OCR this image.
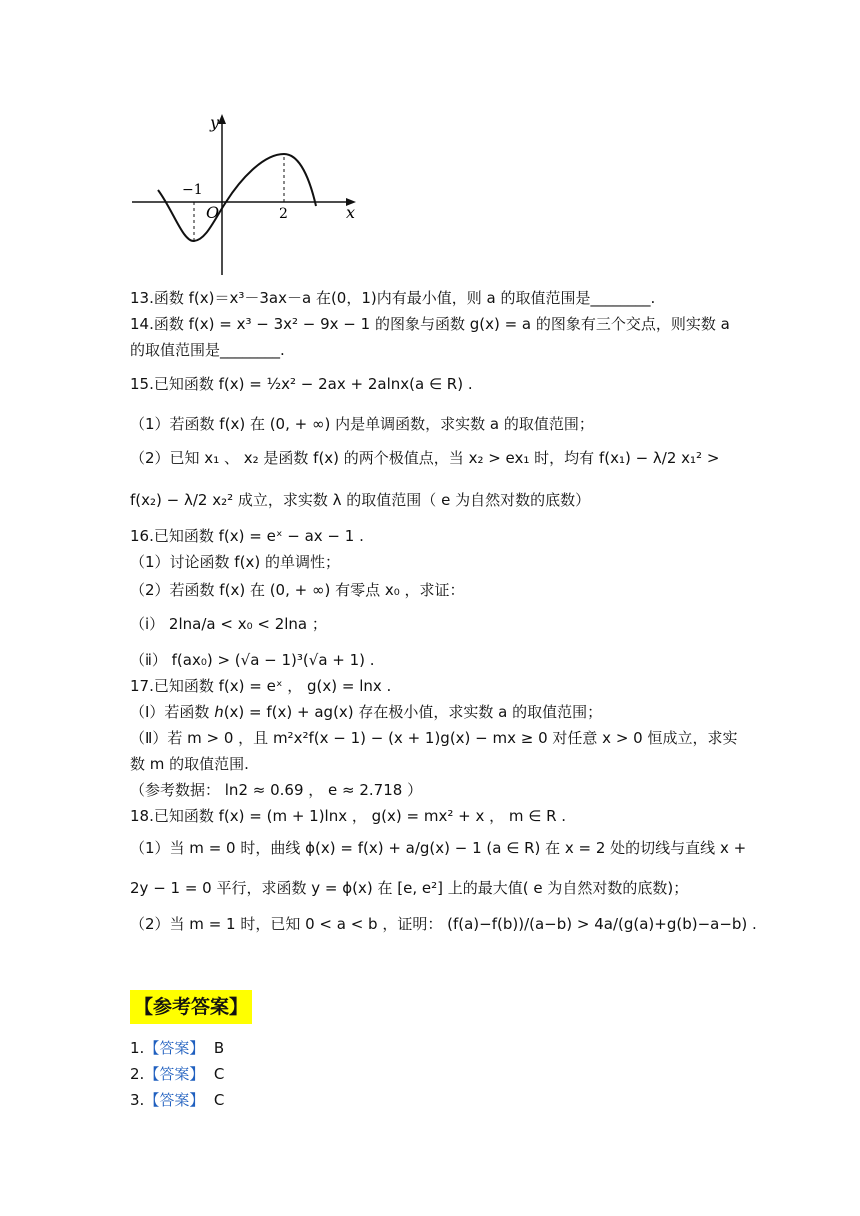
y
x
O
−1
2
13.函数 f(x)＝x³－3ax－a 在(0，1)内有最小值，则 a 的取值范围是________.
14.函数 f(x) = x³ − 3x² − 9x − 1 的图象与函数 g(x) = a 的图象有三个交点，则实数 a
的取值范围是________.
15.已知函数 f(x) = ½x² − 2ax + 2alnx(a ∈ R) .
（1）若函数 f(x) 在 (0, + ∞) 内是单调函数，求实数 a 的取值范围；
（2）已知 x₁ 、 x₂ 是函数 f(x) 的两个极值点，当 x₂ > ex₁ 时，均有 f(x₁) − λ/2 x₁² >
f(x₂) − λ/2 x₂² 成立，求实数 λ 的取值范围（ e 为自然对数的底数）
16.已知函数 f(x) = eˣ − ax − 1 .
（1）讨论函数 f(x) 的单调性；
（2）若函数 f(x) 在 (0, + ∞) 有零点 x₀ ，求证：
（ⅰ） 2lna/a < x₀ < 2lna ；
（ⅱ） f(ax₀) > (√a − 1)³(√a + 1) .
17.已知函数 f(x) = eˣ ， g(x) = lnx .
（Ⅰ）若函数 ℎ(x) = f(x) + ag(x) 存在极小值，求实数 a 的取值范围；
（Ⅱ）若 m > 0 ，且 m²x²f(x − 1) − (x + 1)g(x) − mx ≥ 0 对任意 x > 0 恒成立，求实
数 m 的取值范围.
（参考数据： ln2 ≈ 0.69 ， e ≈ 2.718 ）
18.已知函数 f(x) = (m + 1)lnx ， g(x) = mx² + x ， m ∈ R .
（1）当 m = 0 时，曲线 ϕ(x) = f(x) + a/g(x) − 1 (a ∈ R) 在 x = 2 处的切线与直线 x +
2y − 1 = 0 平行，求函数 y = ϕ(x) 在 [e, e²] 上的最大值( e 为自然对数的底数)；
（2）当 m = 1 时，已知 0 < a < b ，证明： (f(a)−f(b))/(a−b) > 4a/(g(a)+g(b)−a−b) .
【参考答案】
1.【答案】 B
2.【答案】 C
3.【答案】 C
